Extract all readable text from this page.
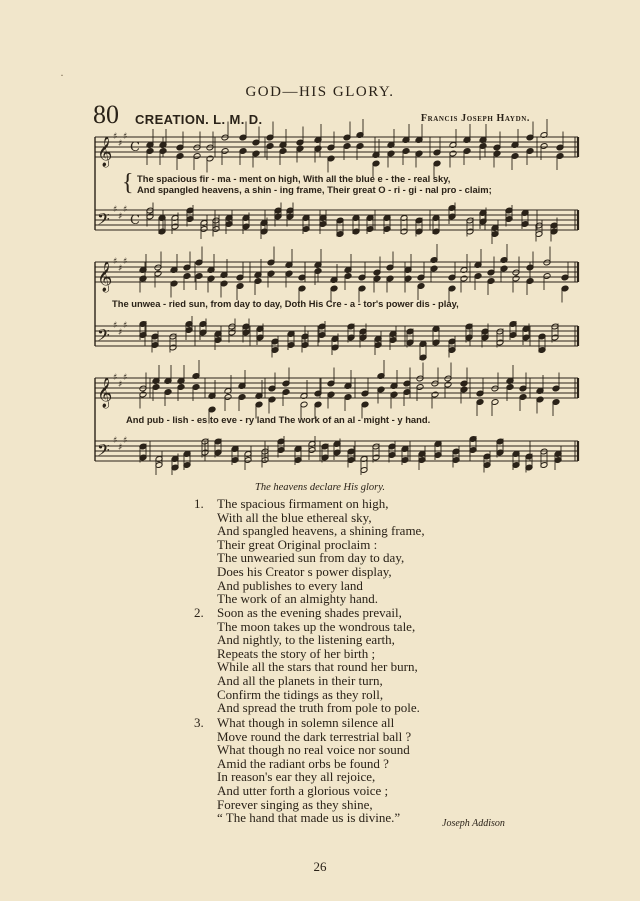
·
GOD—HIS GLORY.
80 CREATION. L. M. D.	Francis Joseph Haydn.
𝄞 ♯
♯
♯
C
𝄢 ♯
♯
♯
C
𝄞 ♯
♯
♯
𝄢 ♯
♯
♯
𝄞 ♯
♯
♯
𝄢 ♯
♯
♯
{ The spacious fir - ma - ment on high, With all the blue e - the - real sky,
And spangled heavens, a shin - ing frame, Their great O - ri - gi - nal pro - claim;
The unwea - ried sun, from day to day, Doth His Cre - a - tor's power dis - play,
And pub - lish - es to eve - ry land The work of an al - might - y hand.
The heavens declare His glory.
1. The spacious firmament on high,
With all the blue ethereal sky,
And spangled heavens, a shining frame,
Their great Original proclaim :
The unwearied sun from day to day,
Does his Creator s power display,
And publishes to every land
The work of an almighty hand.
2. Soon as the evening shades prevail,
The moon takes up the wondrous tale,
And nightly, to the listening earth,
Repeats the story of her birth ;
While all the stars that round her burn,
And all the planets in their turn,
Confirm the tidings as they roll,
And spread the truth from pole to pole.
3. What though in solemn silence all
Move round the dark terrestrial ball ?
What though no real voice nor sound
Amid the radiant orbs be found ?
In reason's ear they all rejoice,
And utter forth a glorious voice ;
Forever singing as they shine,
“ The hand that made us is divine.”	Joseph Addison
26
